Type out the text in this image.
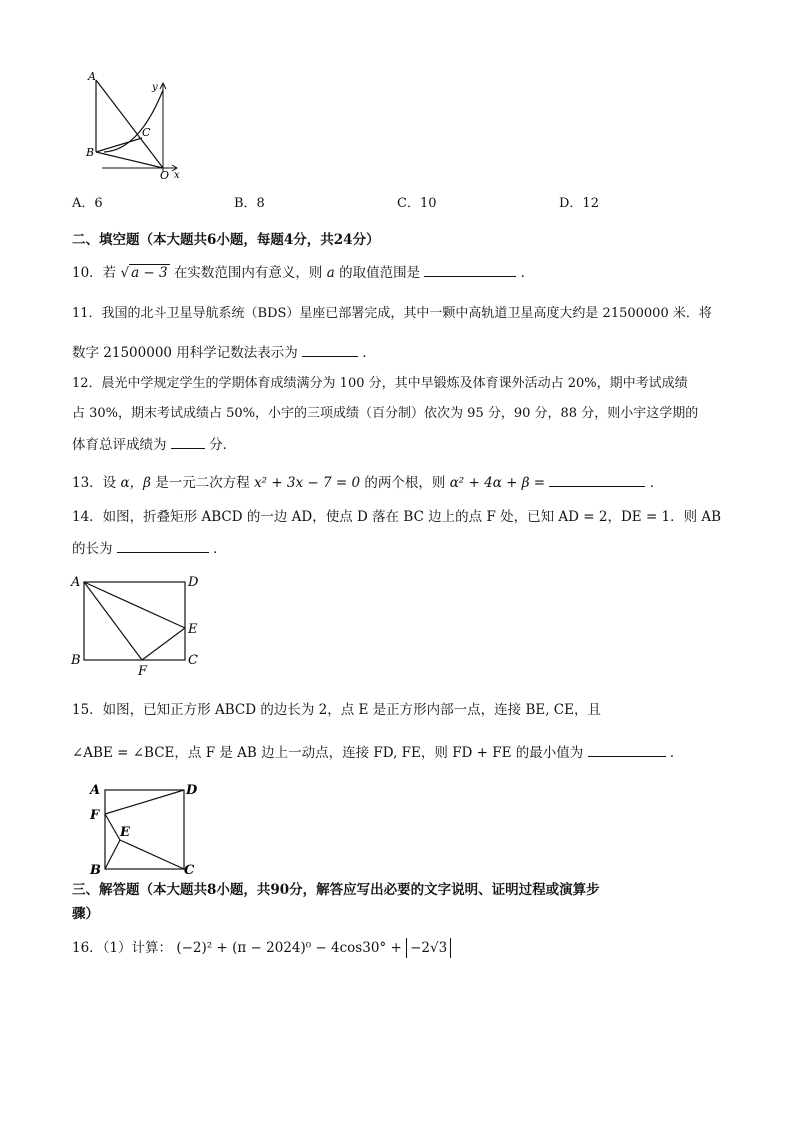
A
B
C
O x
y
A．6	B．8	C．10	D．12
二、填空题（本大题共6小题，每题4分，共24分）
10．若 √ a − 3 在实数范围内有意义，则 a 的取值范围是	．
11．我国的北斗卫星导航系统（BDS）星座已部署完成，其中一颗中高轨道卫星高度大约是 21500000 米．将
数字 21500000 用科学记数法表示为	．
12．晨光中学规定学生的学期体育成绩满分为 100 分，其中早锻炼及体育课外活动占 20%，期中考试成绩
占 30%，期末考试成绩占 50%，小宇的三项成绩（百分制）依次为 95 分，90 分，88 分，则小宇这学期的
体育总评成绩为	分．
13．设 α，β 是一元二次方程 x² + 3x − 7 = 0 的两个根，则 α² + 4α + β =	．
14．如图，折叠矩形 ABCD 的一边 AD，使点 D 落在 BC 边上的点 F 处，已知 AD = 2，DE = 1．则 AB
的长为	．
A	D
E
B	C
F
15．如图，已知正方形 ABCD 的边长为 2，点 E 是正方形内部一点，连接 BE, CE，且
∠ABE = ∠BCE，点 F 是 AB 边上一动点，连接 FD, FE，则 FD + FE 的最小值为	．
A	D
F
E
B	C
三、解答题（本大题共8小题，共90分，解答应写出必要的文字说明、证明过程或演算步
骤）
16．（1）计算： (−2)² + (π − 2024)⁰ − 4cos30° + −2√3
